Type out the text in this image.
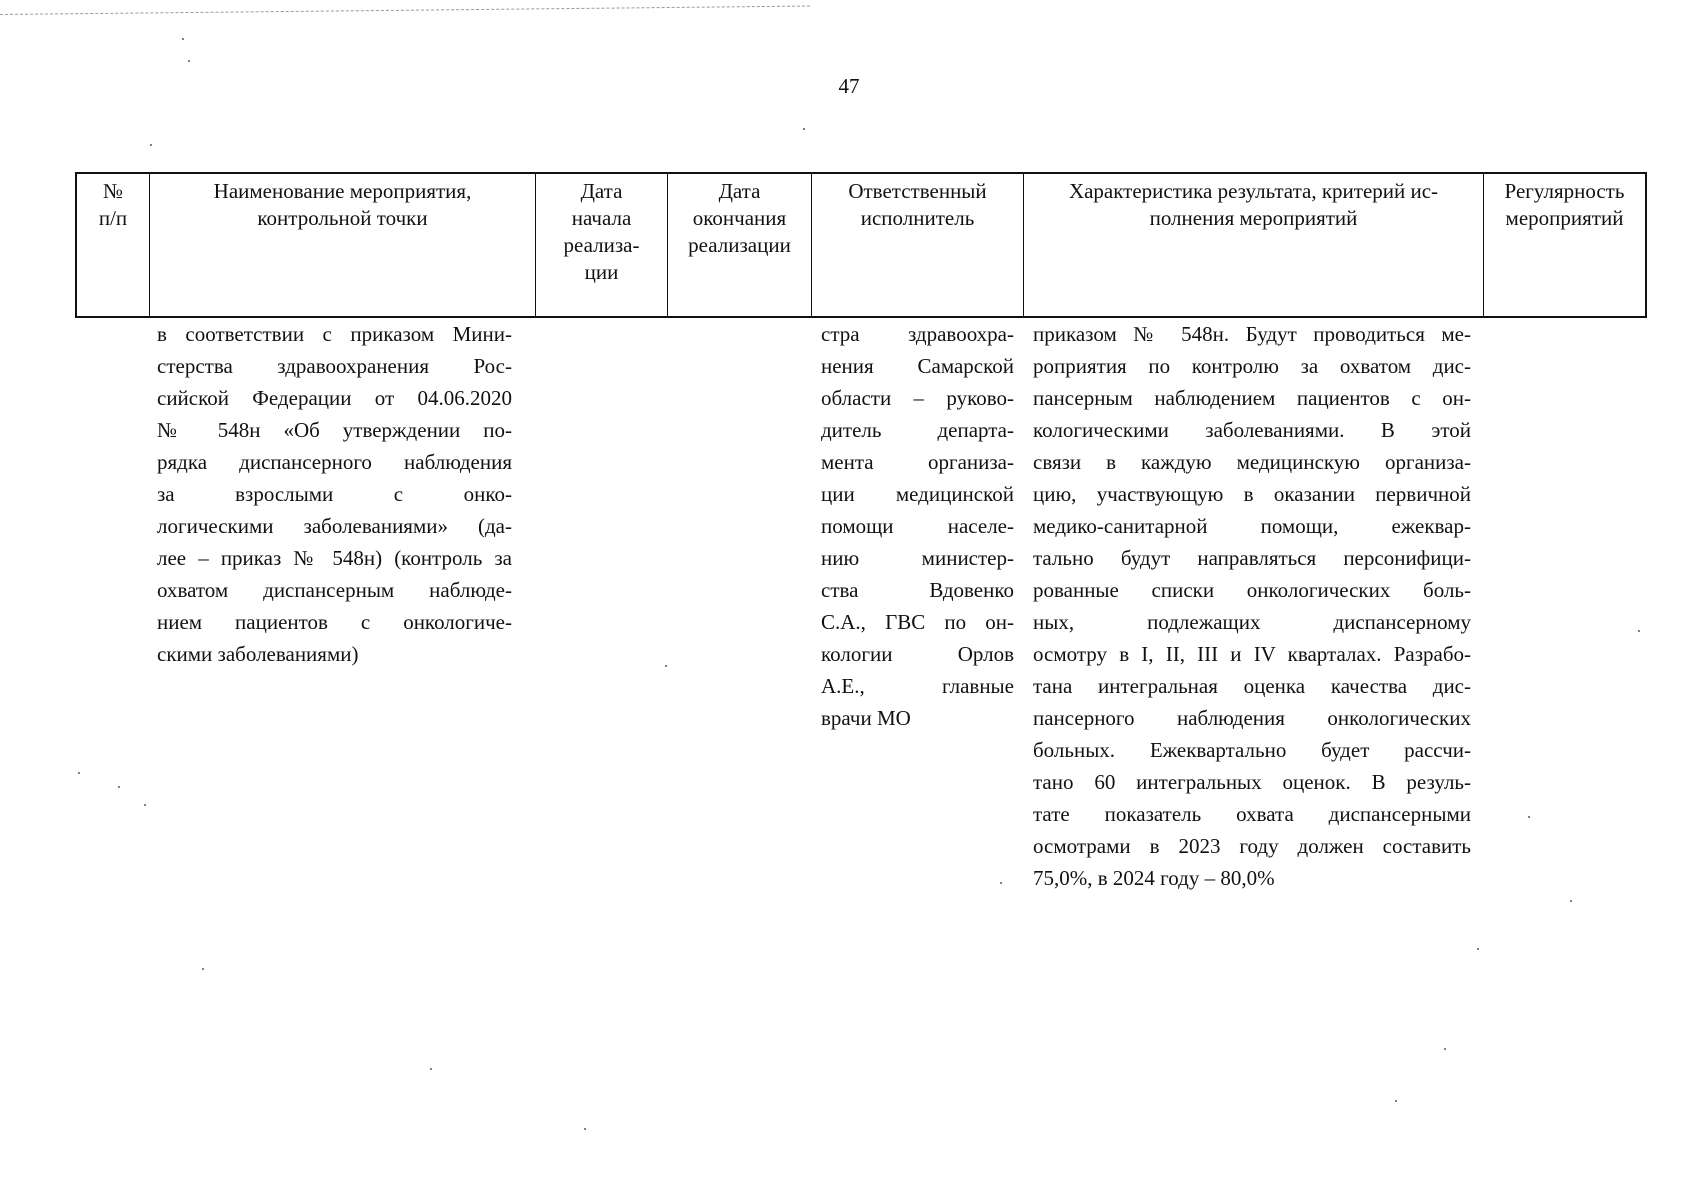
47
№
п/п
Наименование мероприятия,
контрольной точки
Дата
начала
реализа-
ции
Дата
окончания
реализации
Ответственный
исполнитель
Характеристика результата, критерий ис-
полнения мероприятий
Регулярность
мероприятий
в соответствии с приказом Мини-
стерства здравоохранения Рос-
сийской Федерации от 04.06.2020
№ 548н «Об утверждении по-
рядка диспансерного наблюдения
за взрослыми с онко-
логическими заболеваниями» (да-
лее – приказ № 548н) (контроль за
охватом диспансерным наблюде-
нием пациентов с онкологиче-
скими заболеваниями)
стра здравоохра-
нения Самарской
области – руково-
дитель департа-
мента организа-
ции медицинской
помощи населе-
нию министер-
ства Вдовенко
С.А., ГВС по он-
кологии Орлов
А.Е., главные
врачи МО
приказом № 548н. Будут проводиться ме-
роприятия по контролю за охватом дис-
пансерным наблюдением пациентов с он-
кологическими заболеваниями. В этой
связи в каждую медицинскую организа-
цию, участвующую в оказании первичной
медико-санитарной помощи, ежеквар-
тально будут направляться персонифици-
рованные списки онкологических боль-
ных, подлежащих диспансерному
осмотру в I, II, III и IV кварталах. Разрабо-
тана интегральная оценка качества дис-
пансерного наблюдения онкологических
больных. Ежеквартально будет рассчи-
тано 60 интегральных оценок. В резуль-
тате показатель охвата диспансерными
осмотрами в 2023 году должен составить
75,0%, в 2024 году – 80,0%
